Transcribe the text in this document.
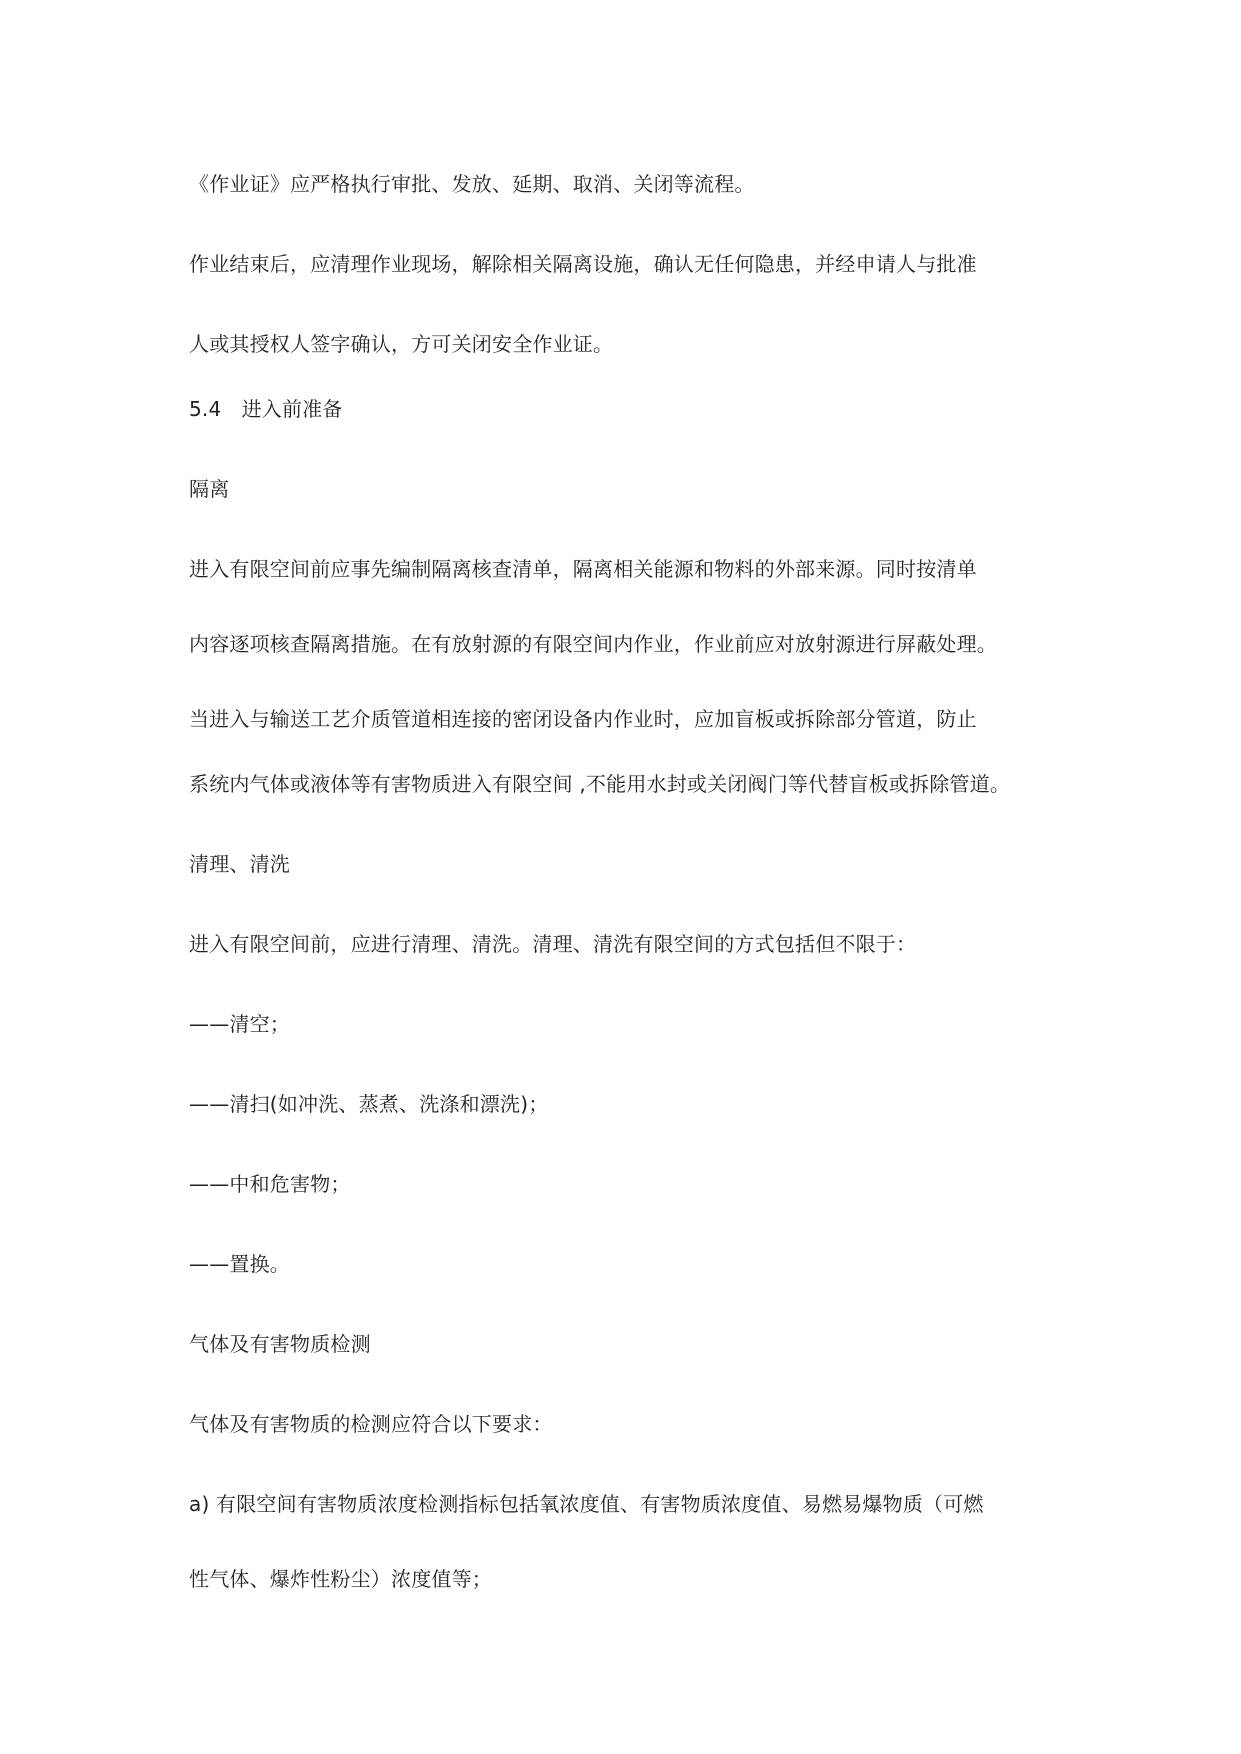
《作业证》应严格执行审批、发放、延期、取消、关闭等流程。
作业结束后，应清理作业现场，解除相关隔离设施，确认无任何隐患，并经申请人与批准
人或其授权人签字确认，方可关闭安全作业证。
5.4　进入前准备
隔离
进入有限空间前应事先编制隔离核查清单，隔离相关能源和物料的外部来源。同时按清单
内容逐项核查隔离措施。在有放射源的有限空间内作业，作业前应对放射源进行屏蔽处理。
当进入与输送工艺介质管道相连接的密闭设备内作业时，应加盲板或拆除部分管道，防止
系统内气体或液体等有害物质进入有限空间 ,不能用水封或关闭阀门等代替盲板或拆除管道。
清理、清洗
进入有限空间前，应进行清理、清洗。清理、清洗有限空间的方式包括但不限于：
——清空；
——清扫(如冲洗、蒸煮、洗涤和漂洗)；
——中和危害物；
——置换。
气体及有害物质检测
气体及有害物质的检测应符合以下要求：
a) 有限空间有害物质浓度检测指标包括氧浓度值、有害物质浓度值、易燃易爆物质（可燃
性气体、爆炸性粉尘）浓度值等；
